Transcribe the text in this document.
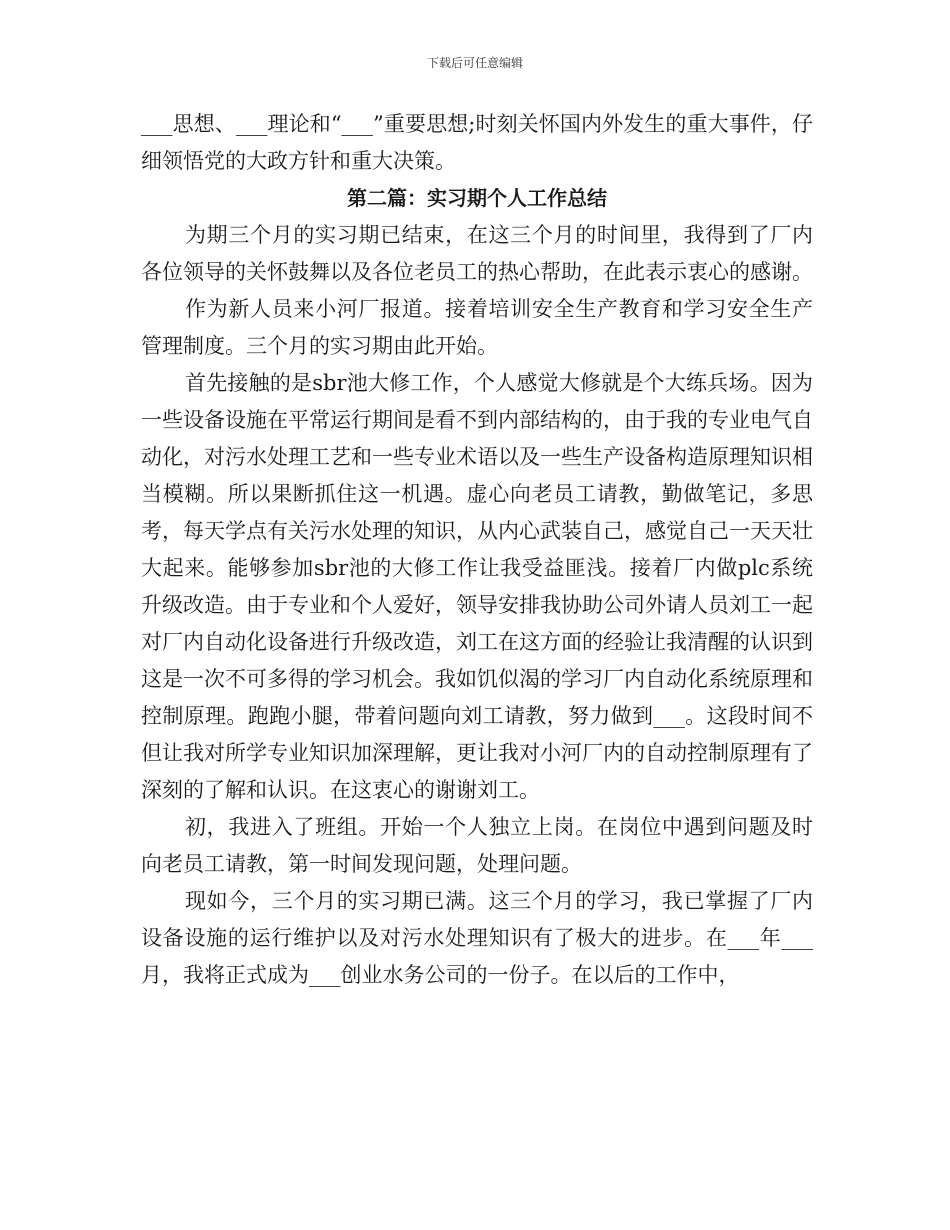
下载后可任意编辑

___思想、___理论和“___”重要思想;时刻关怀国内外发生的重大事件，仔细领悟党的大政方针和重大决策。

第二篇：实习期个人工作总结

为期三个月的实习期已结束，在这三个月的时间里，我得到了厂内各位领导的关怀鼓舞以及各位老员工的热心帮助，在此表示衷心的感谢。

作为新人员来小河厂报道。接着培训安全生产教育和学习安全生产管理制度。三个月的实习期由此开始。

首先接触的是sbr池大修工作，个人感觉大修就是个大练兵场。因为一些设备设施在平常运行期间是看不到内部结构的，由于我的专业电气自动化，对污水处理工艺和一些专业术语以及一些生产设备构造原理知识相当模糊。所以果断抓住这一机遇。虚心向老员工请教，勤做笔记，多思考，每天学点有关污水处理的知识，从内心武装自己，感觉自己一天天壮大起来。能够参加sbr池的大修工作让我受益匪浅。接着厂内做plc系统升级改造。由于专业和个人爱好，领导安排我协助公司外请人员刘工一起对厂内自动化设备进行升级改造，刘工在这方面的经验让我清醒的认识到这是一次不可多得的学习机会。我如饥似渴的学习厂内自动化系统原理和控制原理。跑跑小腿，带着问题向刘工请教，努力做到___。这段时间不但让我对所学专业知识加深理解，更让我对小河厂内的自动控制原理有了深刻的了解和认识。在这衷心的谢谢刘工。

初，我进入了班组。开始一个人独立上岗。在岗位中遇到问题及时向老员工请教，第一时间发现问题，处理问题。

现如今，三个月的实习期已满。这三个月的学习，我已掌握了厂内设备设施的运行维护以及对污水处理知识有了极大的进步。在___年___月，我将正式成为___创业水务公司的一份子。在以后的工作中，
